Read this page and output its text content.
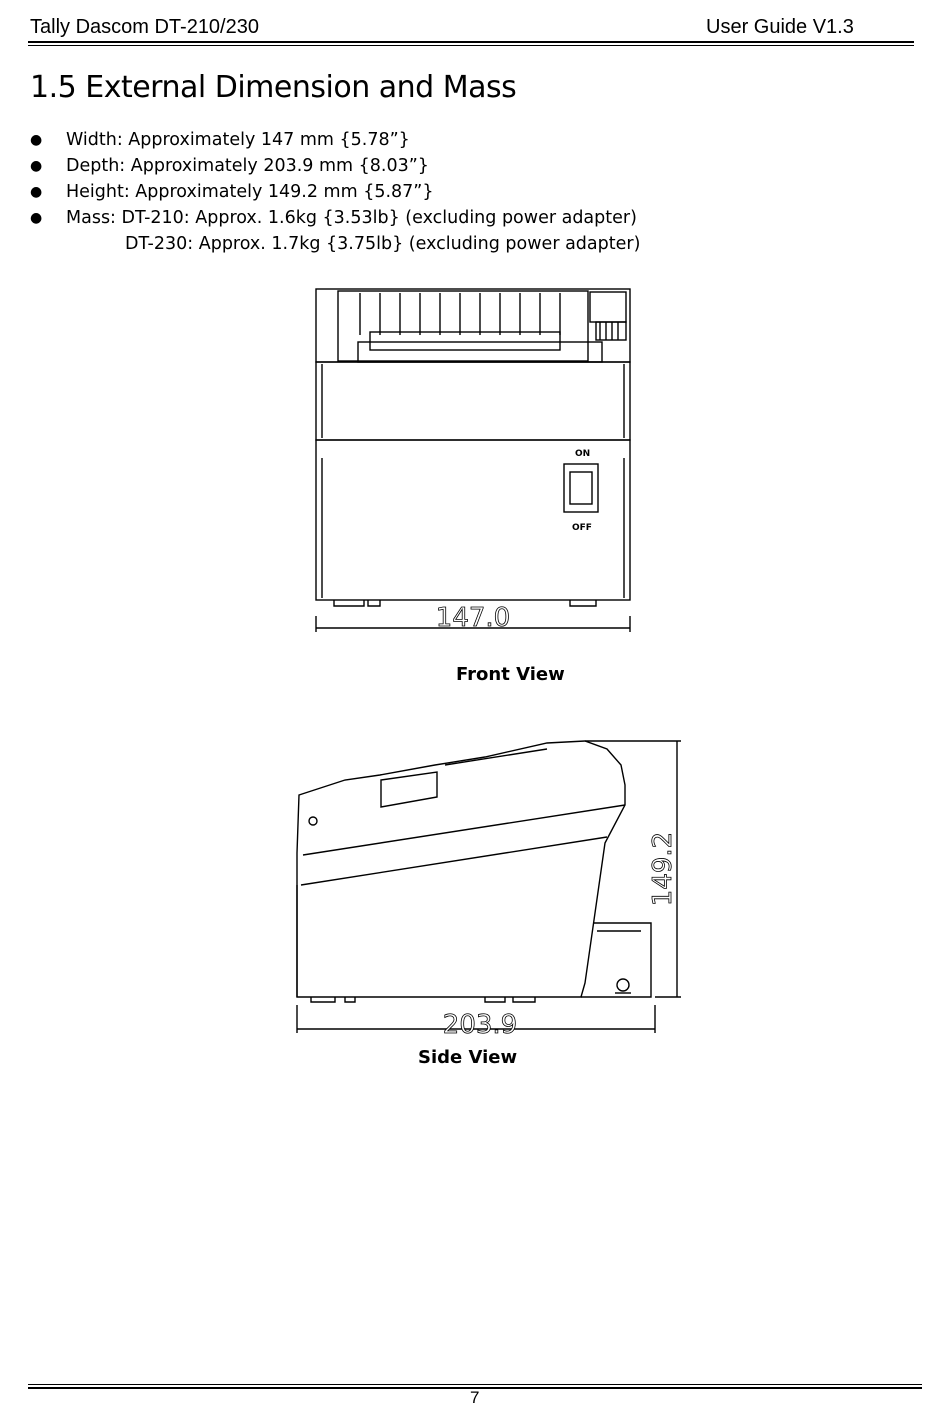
Tally Dascom DT-210/230	User Guide V1.3
1.5 External Dimension and Mass
● Width: Approximately 147 mm {5.78”}
● Depth: Approximately 203.9 mm {8.03”}
● Height: Approximately 149.2 mm {5.87”}
● Mass: DT-210: Approx. 1.6kg {3.53lb} (excluding power adapter)
DT-230: Approx. 1.7kg {3.75lb} (excluding power adapter)
ON
OFF
147.0
Front View
203.9
149.2
Side View
7
